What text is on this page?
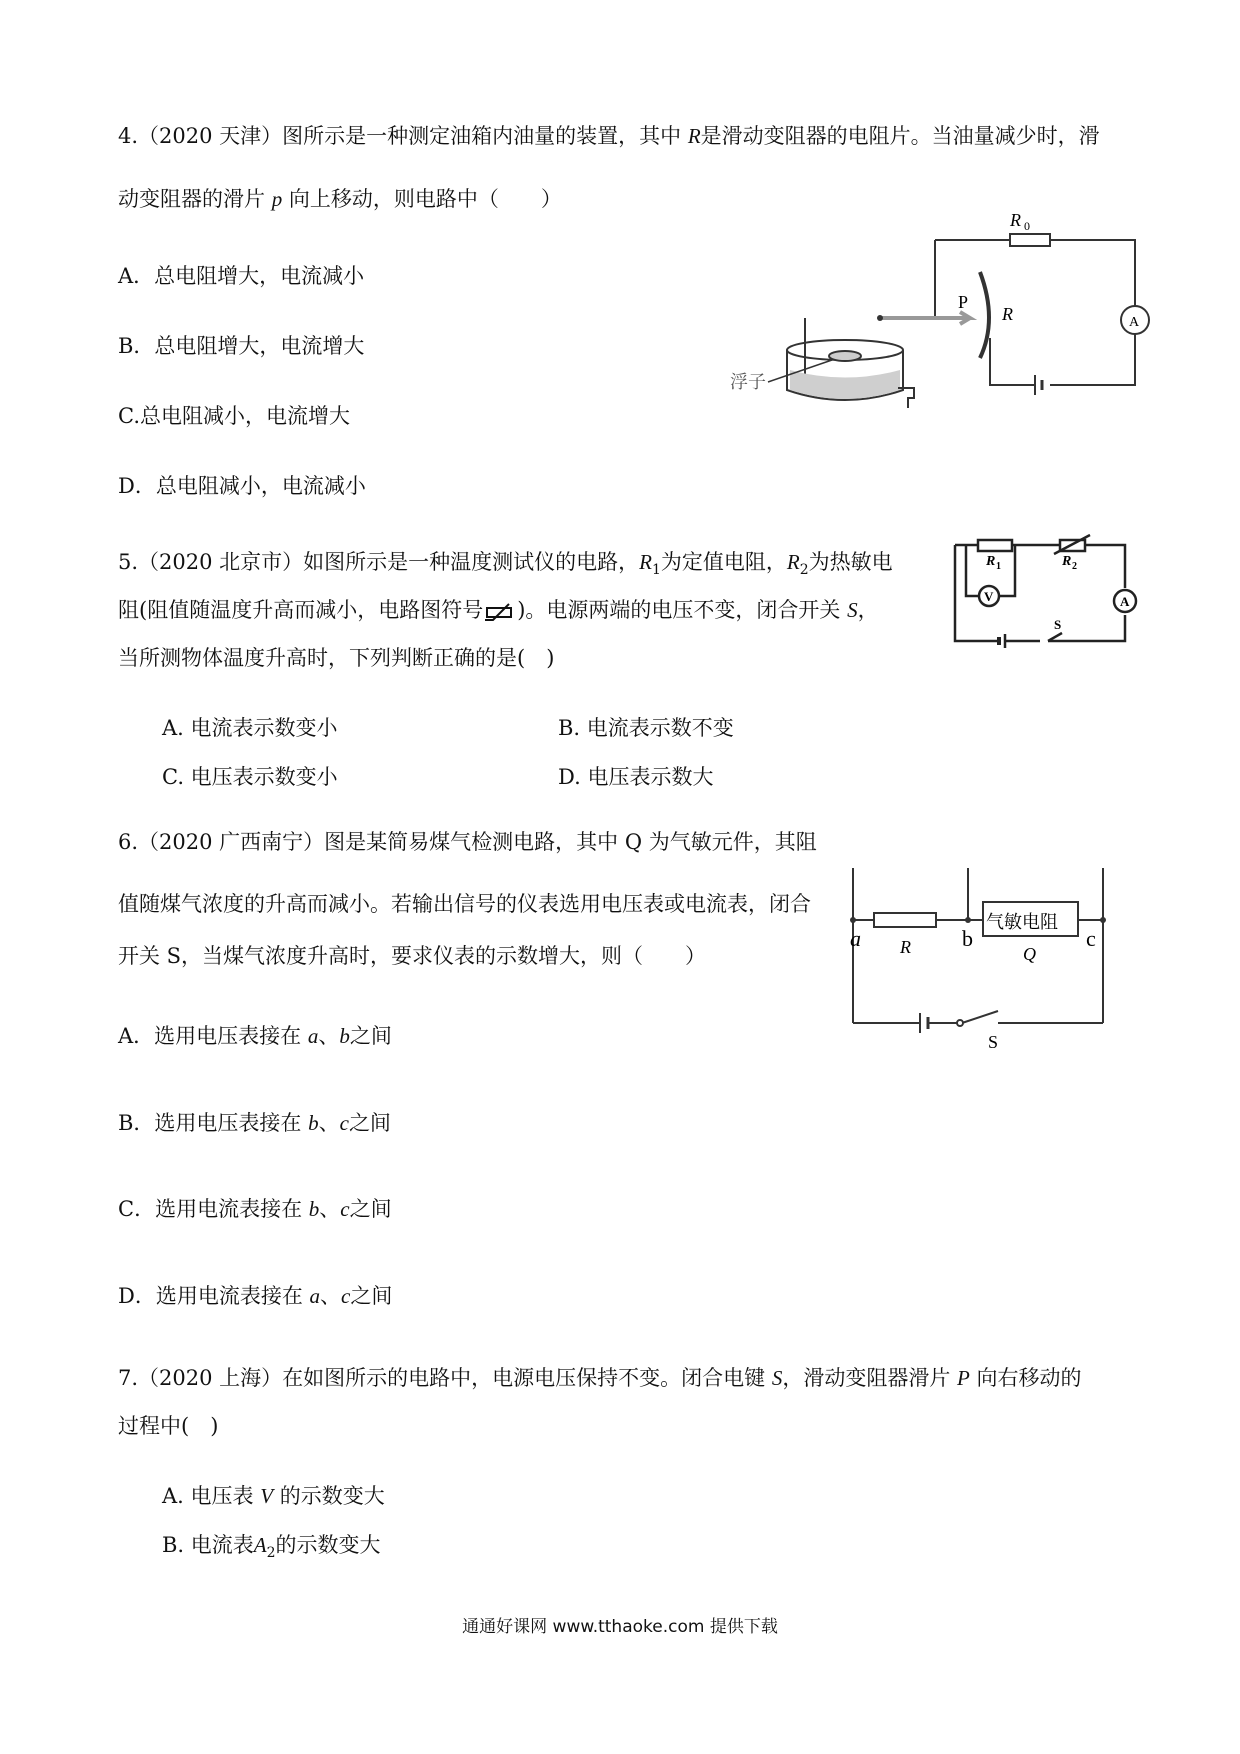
4.（2020 天津）图所示是一种测定油箱内油量的装置，其中 R是滑动变阻器的电阻片。当油量减少时，滑
动变阻器的滑片 p 向上移动，则电路中（　　）
A．总电阻增大，电流减小
B．总电阻增大，电流增大
C.总电阻减小，电流增大
D．总电阻减小，电流减小
R 0
P
R	A
浮子
5.（2020 北京市）如图所示是一种温度测试仪的电路，$R_1$为定值电阻，$R_2$为热敏电
阻(阻值随温度升高而减小，电路图符号 )。电源两端的电压不变，闭合开关 S，
当所测物体温度升高时，下列判断正确的是(　)
A. 电流表示数变小	B. 电流表示数不变
C. 电压表示数变小	D. 电压表示数大
R 1	R 2
V	A
S
6.（2020 广西南宁）图是某简易煤气检测电路，其中 Q 为气敏元件，其阻
值随煤气浓度的升高而减小。若输出信号的仪表选用电压表或电流表，闭合
开关 S，当煤气浓度升高时，要求仪表的示数增大，则（　　）
A．选用电压表接在 a、b之间
B．选用电压表接在 b、c之间
C．选用电流表接在 b、c之间
D．选用电流表接在 a、c之间
a	b	c
R	Q
气敏电阻
S
7.（2020 上海）在如图所示的电路中，电源电压保持不变。闭合电键 S，滑动变阻器滑片 P 向右移动的
过程中(　)
A. 电压表 V 的示数变大
B. 电流表$A_2$的示数变大
通通好课网 www.tthaoke.com 提供下载
